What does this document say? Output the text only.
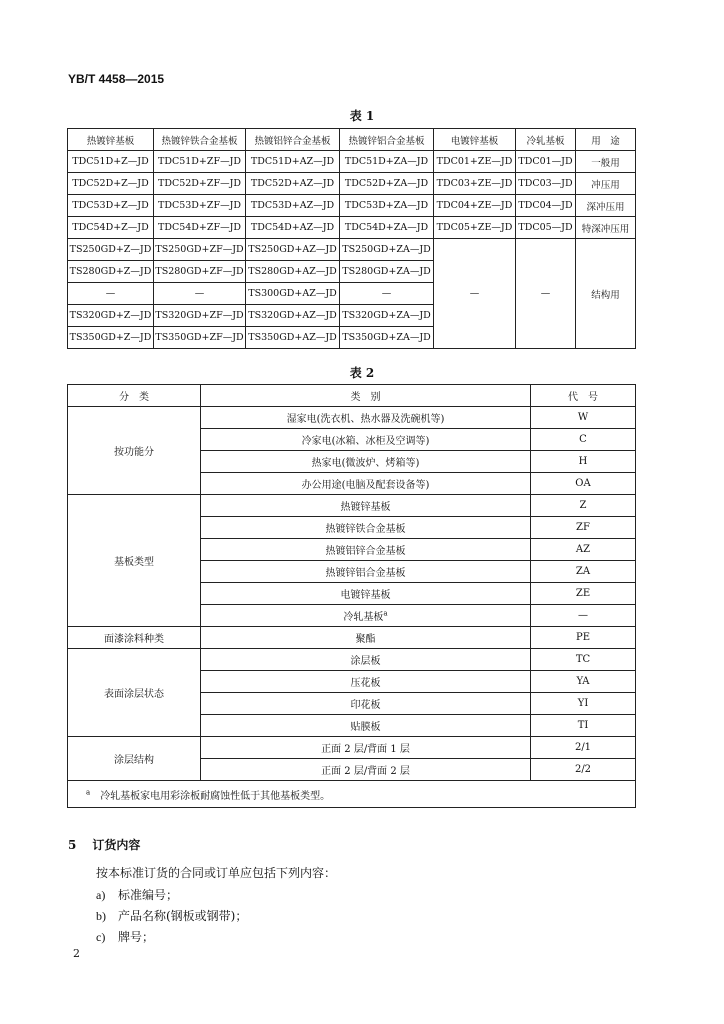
YB/T 4458—2015
表 1
热镀锌基板	热镀锌铁合金基板	热镀铝锌合金基板	热镀锌铝合金基板	电镀锌基板	冷轧基板	用　途
TDC51D+Z—JD	TDC51D+ZF—JD	TDC51D+AZ—JD	TDC51D+ZA—JD	TDC01+ZE—JD	TDC01—JD	一般用
TDC52D+Z—JD	TDC52D+ZF—JD	TDC52D+AZ—JD	TDC52D+ZA—JD	TDC03+ZE—JD	TDC03—JD	冲压用
TDC53D+Z—JD	TDC53D+ZF—JD	TDC53D+AZ—JD	TDC53D+ZA—JD	TDC04+ZE—JD	TDC04—JD	深冲压用
TDC54D+Z—JD	TDC54D+ZF—JD	TDC54D+AZ—JD	TDC54D+ZA—JD	TDC05+ZE—JD	TDC05—JD	特深冲压用
TS250GD+Z—JD	TS250GD+ZF—JD	TS250GD+AZ—JD	TS250GD+ZA—JD	—	—	结构用
TS280GD+Z—JD	TS280GD+ZF—JD	TS280GD+AZ—JD	TS280GD+ZA—JD			
—	—	TS300GD+AZ—JD	—			
TS320GD+Z—JD	TS320GD+ZF—JD	TS320GD+AZ—JD	TS320GD+ZA—JD			
TS350GD+Z—JD	TS350GD+ZF—JD	TS350GD+AZ—JD	TS350GD+ZA—JD			
表 2
分　类	类　别	代　号
按功能分	湿家电(洗衣机、热水器及洗碗机等)	W
	冷家电(冰箱、冰柜及空调等)	C
	热家电(微波炉、烤箱等)	H
	办公用途(电脑及配套设备等)	OA
基板类型	热镀锌基板	Z
	热镀锌铁合金基板	ZF
	热镀铝锌合金基板	AZ
	热镀锌铝合金基板	ZA
	电镀锌基板	ZE
	冷轧基板$^a$	—
面漆涂料种类	聚酯	PE
表面涂层状态	涂层板	TC
	压花板	YA
	印花板	YI
	贴膜板	TI
涂层结构	正面 2 层/背面 1 层	2/1
	正面 2 层/背面 2 层	2/2
$^a$　 冷轧基板家电用彩涂板耐腐蚀性低于其他基板类型。		
5 订货内容
按本标准订货的合同或订单应包括下列内容：
a) 标准编号；
b) 产品名称(钢板或钢带)；
c) 牌号；
2
